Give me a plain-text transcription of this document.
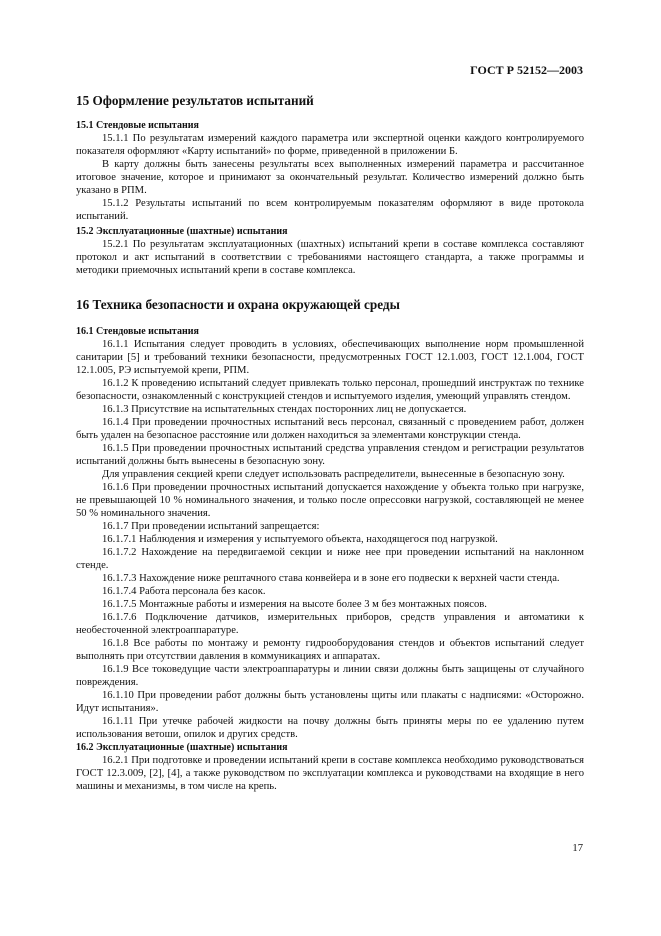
ГОСТ Р 52152—2003
15 Оформление результатов испытаний
15.1 Стендовые испытания

15.1.1 По результатам измерений каждого параметра или экспертной оценки каждого контролируемого показателя оформляют «Карту испытаний» по форме, приведенной в приложении Б.

В карту должны быть занесены результаты всех выполненных измерений параметра и рассчитанное итоговое значение, которое и принимают за окончательный результат. Количество измерений должно быть указано в РПМ.

15.1.2 Результаты испытаний по всем контролируемым показателям оформляют в виде протокола испытаний.

15.2 Эксплуатационные (шахтные) испытания

15.2.1 По результатам эксплуатационных (шахтных) испытаний крепи в составе комплекса составляют протокол и акт испытаний в соответствии с требованиями настоящего стандарта, а также программы и методики приемочных испытаний крепи в составе комплекса.

16 Техника безопасности и охрана окружающей среды
16.1 Стендовые испытания

16.1.1 Испытания следует проводить в условиях, обеспечивающих выполнение норм промышленной санитарии [5] и требований техники безопасности, предусмотренных ГОСТ 12.1.003, ГОСТ 12.1.004, ГОСТ 12.1.005, РЭ испытуемой крепи, РПМ.

16.1.2 К проведению испытаний следует привлекать только персонал, прошедший инструктаж по технике безопасности, ознакомленный с конструкцией стендов и испытуемого изделия, умеющий управлять стендом.

16.1.3 Присутствие на испытательных стендах посторонних лиц не допускается.

16.1.4 При проведении прочностных испытаний весь персонал, связанный с проведением работ, должен быть удален на безопасное расстояние или должен находиться за элементами конструкции стенда.

16.1.5 При проведении прочностных испытаний средства управления стендом и регистрации результатов испытаний должны быть вынесены в безопасную зону.

Для управления секцией крепи следует использовать распределители, вынесенные в безопасную зону.

16.1.6 При проведении прочностных испытаний допускается нахождение у объекта только при нагрузке, не превышающей 10 % номинального значения, и только после опрессовки нагрузкой, составляющей не менее 50 % номинального значения.

16.1.7 При проведении испытаний запрещается:

16.1.7.1 Наблюдения и измерения у испытуемого объекта, находящегося под нагрузкой.

16.1.7.2 Нахождение на передвигаемой секции и ниже нее при проведении испытаний на наклонном стенде.

16.1.7.3 Нахождение ниже рештачного става конвейера и в зоне его подвески к верхней части стенда.

16.1.7.4 Работа персонала без касок.

16.1.7.5 Монтажные работы и измерения на высоте более 3 м без монтажных поясов.

16.1.7.6 Подключение датчиков, измерительных приборов, средств управления и автоматики к необесточенной электроаппаратуре.

16.1.8 Все работы по монтажу и ремонту гидрооборудования стендов и объектов испытаний следует выполнять при отсутствии давления в коммуникациях и аппаратах.

16.1.9 Все токоведущие части электроаппаратуры и линии связи должны быть защищены от случайного повреждения.

16.1.10 При проведении работ должны быть установлены щиты или плакаты с надписями: «Осторожно. Идут испытания».

16.1.11 При утечке рабочей жидкости на почву должны быть приняты меры по ее удалению путем использования ветоши, опилок и других средств.

16.2 Эксплуатационные (шахтные) испытания

16.2.1 При подготовке и проведении испытаний крепи в составе комплекса необходимо руководствоваться ГОСТ 12.3.009, [2], [4], а также руководством по эксплуатации комплекса и руководствами на входящие в него машины и механизмы, в том числе на крепь.

17
